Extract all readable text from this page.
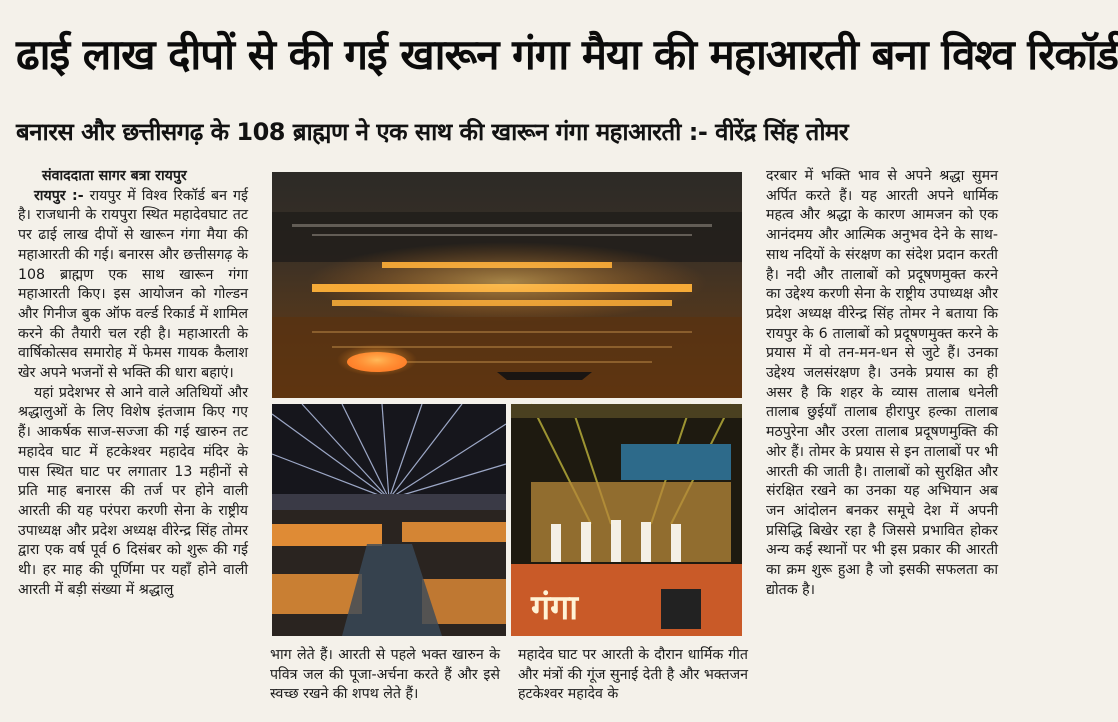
ढाई लाख दीपों से की गई खारून गंगा मैया की महाआरती बना विश्व रिकॉर्ड
बनारस और छत्तीसगढ़ के 108 ब्राह्मण ने एक साथ की खारून गंगा महाआरती :- वीरेंद्र सिंह तोमर

संवाददाता सागर बत्रा रायपुर

रायपुर :- रायपुर में विश्व रिकॉर्ड बन गई है। राजधानी के रायपुरा स्थित महादेवघाट तट पर ढाई लाख दीपों से खारून गंगा मैया की महाआरती की गई। बनारस और छत्तीसगढ़ के 108 ब्राह्मण एक साथ खारून गंगा महाआरती किए। इस आयोजन को गोल्डन और गिनीज बुक ऑफ वर्ल्ड रिकार्ड में शामिल करने की तैयारी चल रही है। महाआरती के वार्षिकोत्सव समारोह में फेमस गायक कैलाश खेर अपने भजनों से भक्ति की धारा बहाएं।

यहां प्रदेशभर से आने वाले अतिथियों और श्रद्धालुओं के लिए विशेष इंतजाम किए गए हैं। आकर्षक साज-सज्जा की गई खारुन तट महादेव घाट में हटकेश्वर महादेव मंदिर के पास स्थित घाट पर लगातार 13 महीनों से प्रति माह बनारस की तर्ज पर होने वाली आरती की यह परंपरा करणी सेना के राष्ट्रीय उपाध्यक्ष और प्रदेश अध्यक्ष वीरेन्द्र सिंह तोमर द्वारा एक वर्ष पूर्व 6 दिसंबर को शुरू की गई थी। हर माह की पूर्णिमा पर यहाँ होने वाली आरती में बड़ी संख्या में श्रद्धालु	गंगा

भाग लेते हैं। आरती से पहले भक्त खारुन के पवित्र जल की पूजा-अर्चना करते हैं और इसे स्वच्छ रखने की शपथ लेते हैं।

महादेव घाट पर आरती के दौरान धार्मिक गीत और मंत्रों की गूंज सुनाई देती है और भक्तजन हटकेश्वर महादेव के

दरबार में भक्ति भाव से अपने श्रद्धा सुमन अर्पित करते हैं। यह आरती अपने धार्मिक महत्व और श्रद्धा के कारण आमजन को एक आनंदमय और आत्मिक अनुभव देने के साथ-साथ नदियों के संरक्षण का संदेश प्रदान करती है। नदी और तालाबों को प्रदूषणमुक्त करने का उद्देश्य करणी सेना के राष्ट्रीय उपाध्यक्ष और प्रदेश अध्यक्ष वीरेन्द्र सिंह तोमर ने बताया कि रायपुर के 6 तालाबों को प्रदूषणमुक्त करने के प्रयास में वो तन-मन-धन से जुटे हैं। उनका उद्देश्य जलसंरक्षण है। उनके प्रयास का ही असर है कि शहर के व्यास तालाब धनेली तालाब छुईयाँ तालाब हीरापुर हल्का तालाब मठपुरेना और उरला तालाब प्रदूषणमुक्ति की ओर हैं। तोमर के प्रयास से इन तालाबों पर भी आरती की जाती है। तालाबों को सुरक्षित और संरक्षित रखने का उनका यह अभियान अब जन आंदोलन बनकर समूचे देश में अपनी प्रसिद्धि बिखेर रहा है जिससे प्रभावित होकर अन्य कई स्थानों पर भी इस प्रकार की आरती का क्रम शुरू हुआ है जो इसकी सफलता का द्योतक है।
